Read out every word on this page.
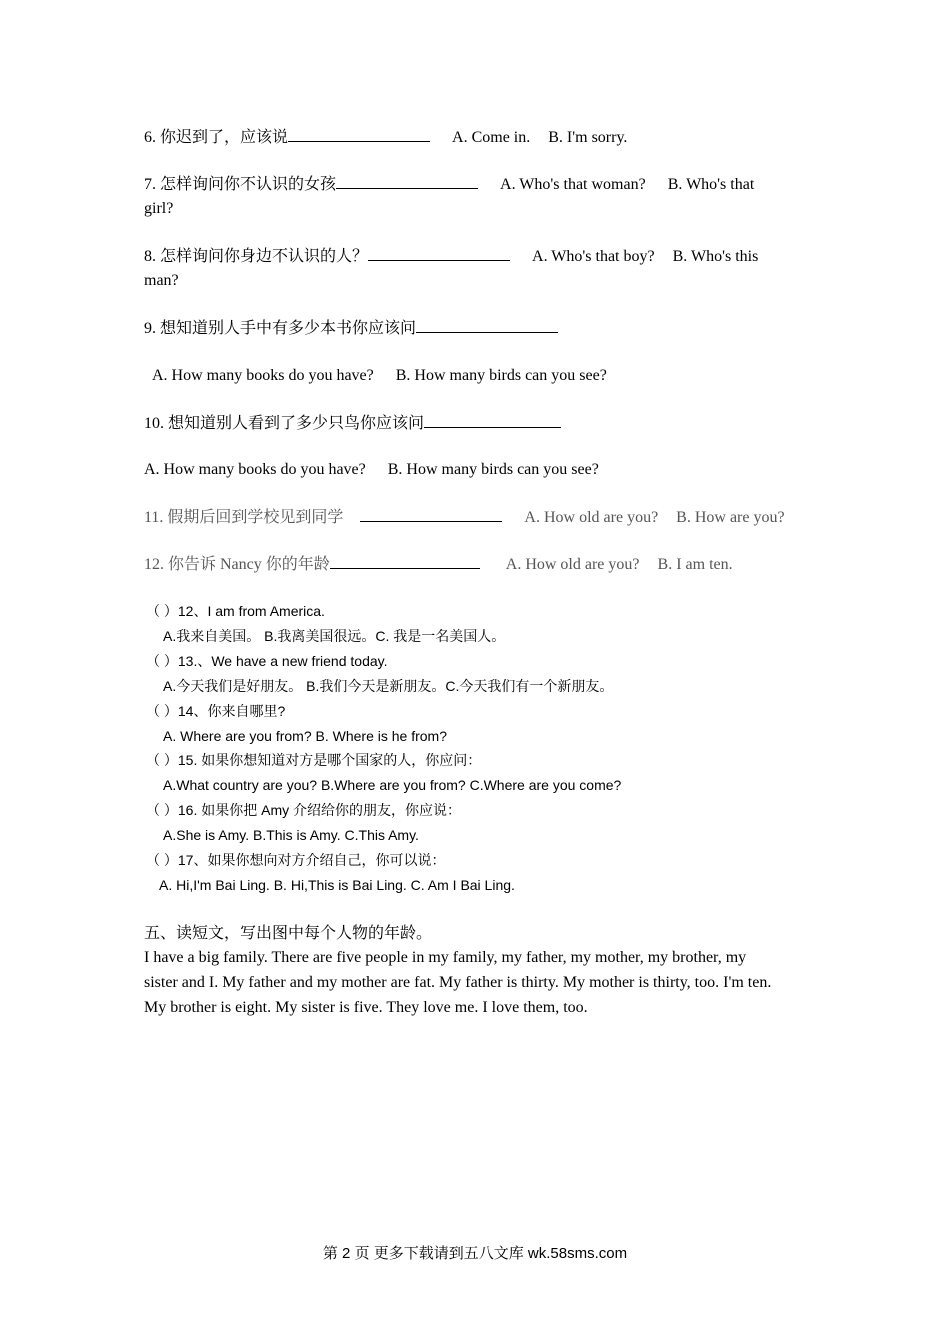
6. 你迟到了，应该说	A. Come in. B. I'm sorry.
7. 怎样询问你不认识的女孩	A. Who's that woman? B. Who's that
girl?
8. 怎样询问你身边不认识的人？	A. Who's that boy? B. Who's this
man?
9. 想知道别人手中有多少本书你应该问
A. How many books do you have? B. How many birds can you see?
10. 想知道别人看到了多少只鸟你应该问
A. How many books do you have? B. How many birds can you see?
11. 假期后回到学校见到同学	A. How old are you? B. How are you?
12. 你告诉 Nancy 你的年龄	A. How old are you? B. I am ten.
（ ）12、I am from America.
A.我来自美国。 B.我离美国很远。C. 我是一名美国人。
（ ）13.、We have a new friend today.
A.今天我们是好朋友。 B.我们今天是新朋友。C.今天我们有一个新朋友。
（ ）14、你来自哪里?
A. Where are you from? B. Where is he from?
（ ）15. 如果你想知道对方是哪个国家的人，你应问：
A.What country are you? B.Where are you from? C.Where are you come?
（ ）16. 如果你把 Amy 介绍给你的朋友，你应说：
A.She is Amy. B.This is Amy. C.This Amy.
（ ）17、如果你想向对方介绍自己，你可以说：
A. Hi,I'm Bai Ling. B. Hi,This is Bai Ling. C. Am I Bai Ling.
五、读短文，写出图中每个人物的年龄。
I have a big family. There are five people in my family, my father, my mother, my brother, my
sister and I. My father and my mother are fat. My father is thirty. My mother is thirty, too. I'm ten.
My brother is eight. My sister is five. They love me. I love them, too.
第 2 页 更多下载请到五八文库 wk.58sms.com
